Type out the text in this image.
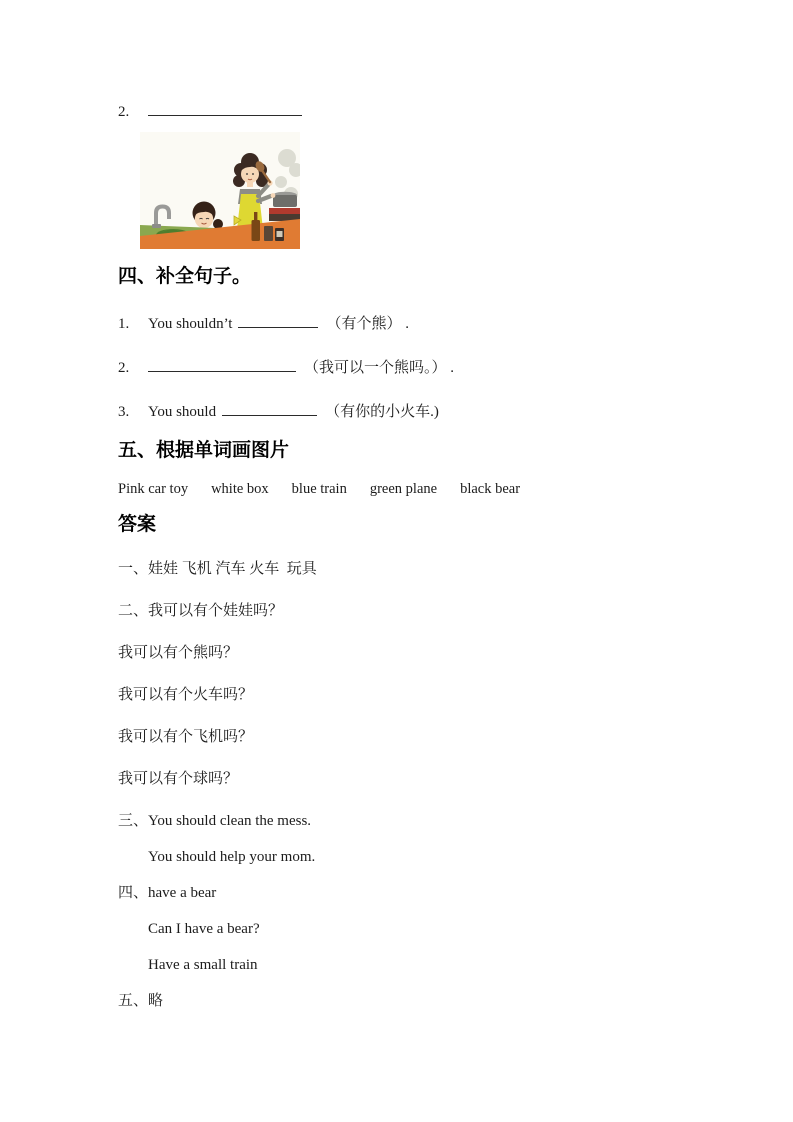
2.
四、补全句子。
1.	You shouldn’t	（有个熊） .
2.	（我可以一个熊吗。） .
3.	You should	（有你的小火车.)
五、根据单词画图片
Pink car toy white box blue train green plane black bear
答案
一、娃娃 飞机 汽车 火车  玩具
二、我可以有个娃娃吗？
我可以有个熊吗？
我可以有个火车吗？
我可以有个飞机吗？
我可以有个球吗？
三、You should clean the mess.
You should help your mom.
四、have a bear
Can I have a bear?
Have a small train
五、略
